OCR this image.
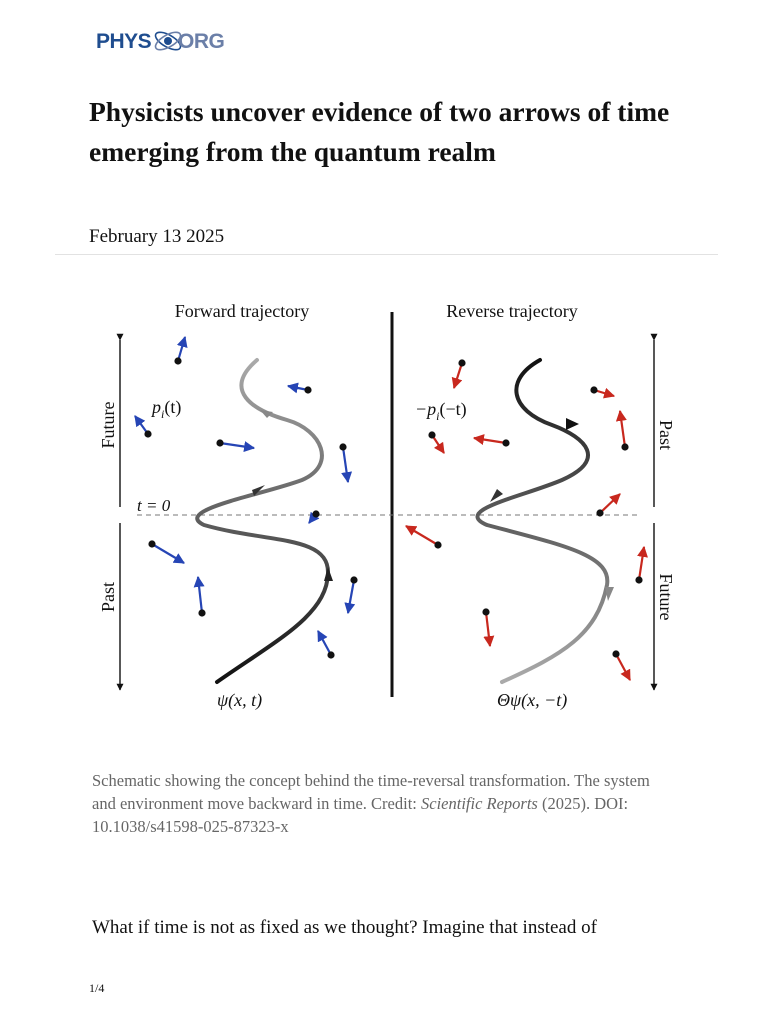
PHYS ORG
Physicists uncover evidence of two arrows of time emerging from the quantum realm
February 13 2025
Forward trajectory	Reverse trajectory
t = 0
Future
Past
Past
Future
$p_i(t)$	$-p_i(-t)$
ψ(x, t)	Θψ(x, −t)
Schematic showing the concept behind the time-reversal transformation. The system and environment move backward in time. Credit: Scientific Reports (2025). DOI: 10.1038/s41598-025-87323-x
What if time is not as fixed as we thought? Imagine that instead of
1/4
